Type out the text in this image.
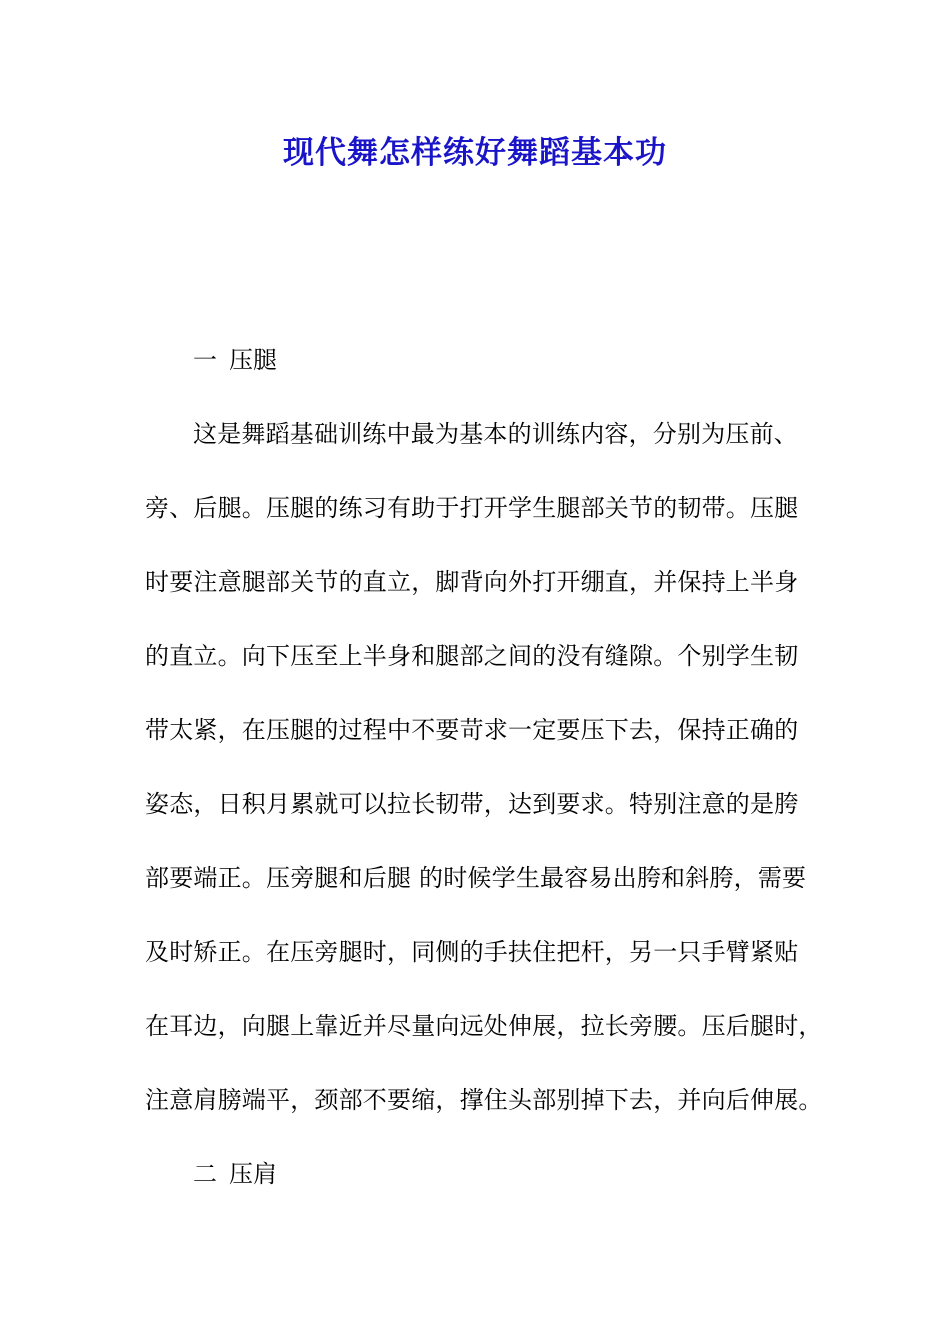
现代舞怎样练好舞蹈基本功
一 压腿
这是舞蹈基础训练中最为基本的训练内容，分别为压前、
旁、后腿。压腿的练习有助于打开学生腿部关节的韧带。压腿
时要注意腿部关节的直立，脚背向外打开绷直，并保持上半身
的直立。向下压至上半身和腿部之间的没有缝隙。个别学生韧
带太紧，在压腿的过程中不要苛求一定要压下去，保持正确的
姿态，日积月累就可以拉长韧带，达到要求。特别注意的是胯
部要端正。压旁腿和后腿 的时候学生最容易出胯和斜胯，需要
及时矫正。在压旁腿时，同侧的手扶住把杆，另一只手臂紧贴
在耳边，向腿上靠近并尽量向远处伸展，拉长旁腰。压后腿时，
注意肩膀端平，颈部不要缩，撑住头部别掉下去，并向后伸展。
二 压肩
